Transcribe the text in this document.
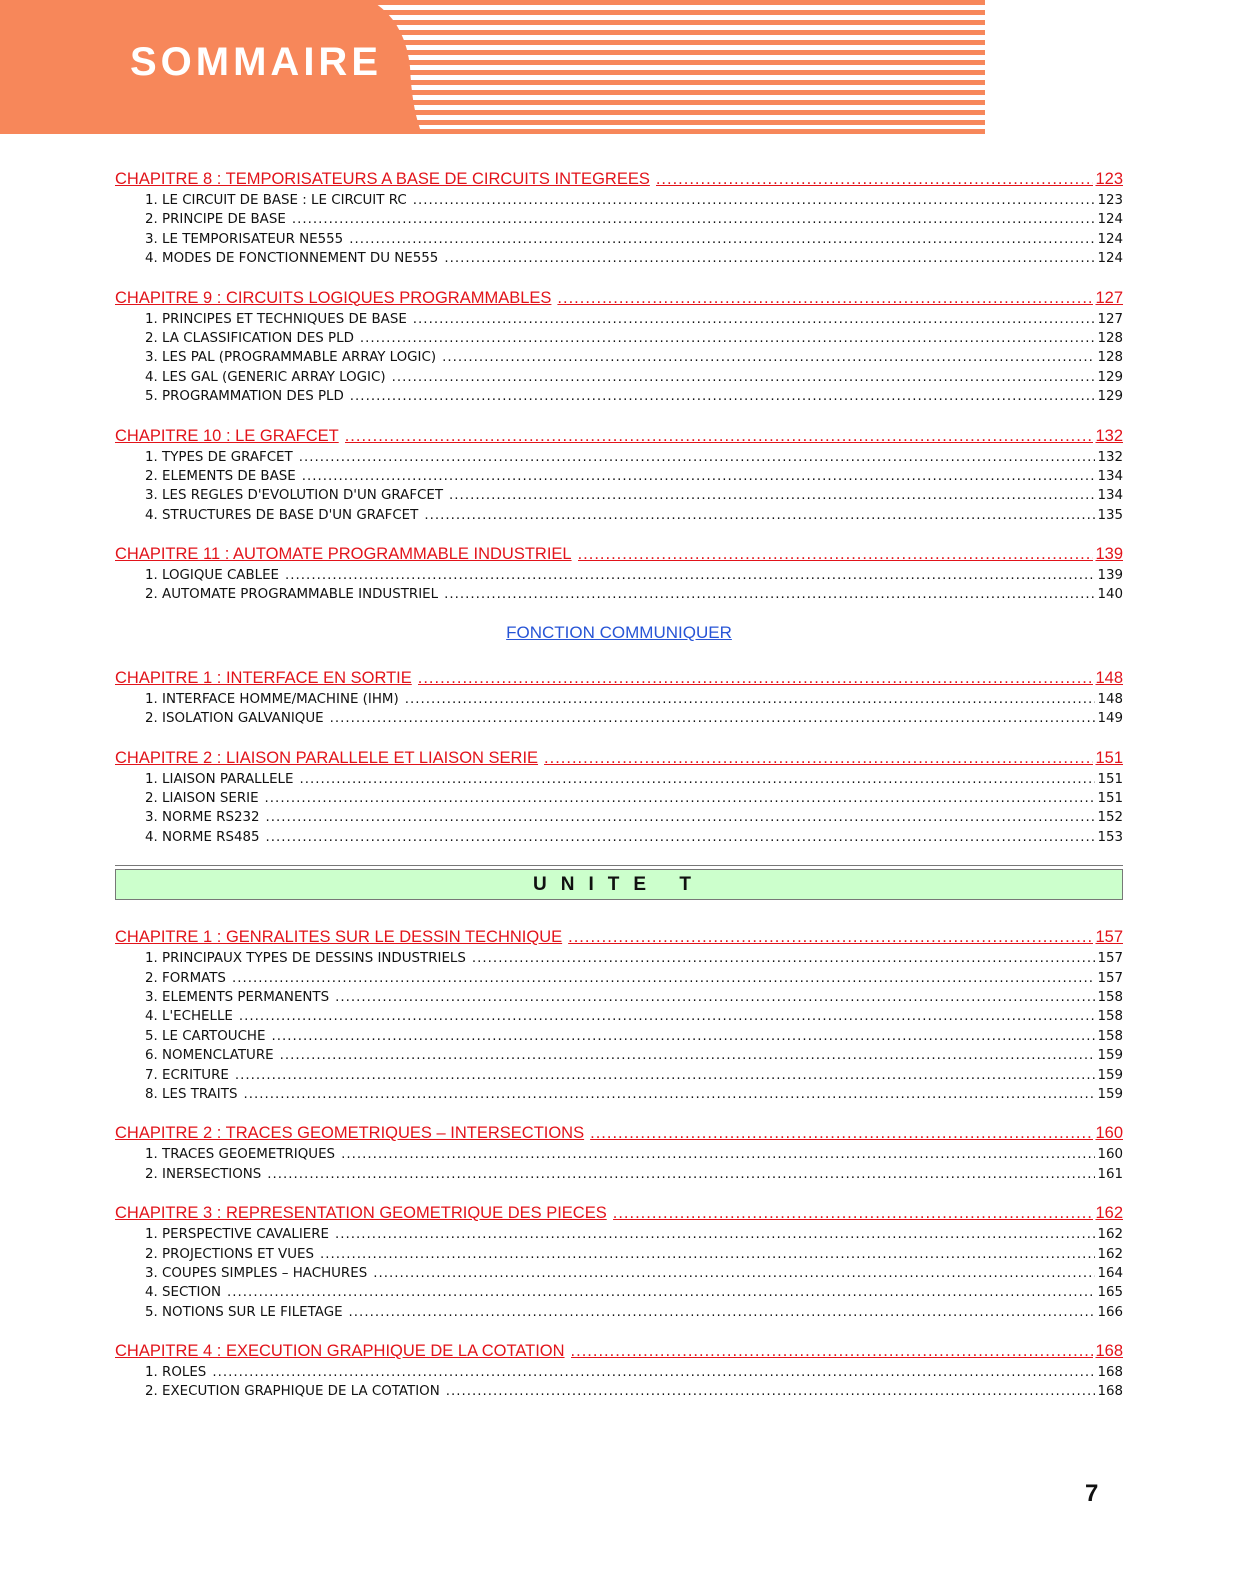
SOMMAIRE
CHAPITRE 8 : TEMPORISATEURS A BASE DE CIRCUITS INTEGREES .....	123
1. LE CIRCUIT DE BASE : LE CIRCUIT RC .....	123
2. PRINCIPE DE BASE .....	124
3. LE TEMPORISATEUR NE555 .....	124
4. MODES DE FONCTIONNEMENT DU NE555 .....	124
CHAPITRE 9 : CIRCUITS LOGIQUES PROGRAMMABLES .....	127
1. PRINCIPES ET TECHNIQUES DE BASE .....	127
2. LA CLASSIFICATION DES PLD .....	128
3. LES PAL (PROGRAMMABLE ARRAY LOGIC) .....	128
4. LES GAL (GENERIC ARRAY LOGIC) .....	129
5. PROGRAMMATION DES PLD .....	129
CHAPITRE 10 : LE GRAFCET .....	132
1. TYPES DE GRAFCET .....	132
2. ELEMENTS DE BASE .....	134
3. LES REGLES D'EVOLUTION D'UN GRAFCET .....	134
4. STRUCTURES DE BASE D'UN GRAFCET .....	135
CHAPITRE 11 : AUTOMATE PROGRAMMABLE INDUSTRIEL .....	139
1. LOGIQUE CABLEE .....	139
2. AUTOMATE PROGRAMMABLE INDUSTRIEL .....	140
FONCTION COMMUNIQUER
CHAPITRE 1 : INTERFACE EN SORTIE .....	148
1. INTERFACE HOMME/MACHINE (IHM) .....	148
2. ISOLATION GALVANIQUE .....	149
CHAPITRE 2 : LIAISON PARALLELE ET LIAISON SERIE .....	151
1. LIAISON PARALLELE .....	151
2. LIAISON SERIE .....	151
3. NORME RS232 .....	152
4. NORME RS485 .....	153
UNITE T
CHAPITRE 1 : GENRALITES SUR LE DESSIN TECHNIQUE .....	157
1. PRINCIPAUX TYPES DE DESSINS INDUSTRIELS .....	157
2. FORMATS .....	157
3. ELEMENTS PERMANENTS .....	158
4. L'ECHELLE .....	158
5. LE CARTOUCHE .....	158
6. NOMENCLATURE .....	159
7. ECRITURE .....	159
8. LES TRAITS .....	159
CHAPITRE 2 : TRACES GEOMETRIQUES – INTERSECTIONS .....	160
1. TRACES GEOEMETRIQUES .....	160
2. INERSECTIONS .....	161
CHAPITRE 3 : REPRESENTATION GEOMETRIQUE DES PIECES .....	162
1. PERSPECTIVE CAVALIERE .....	162
2. PROJECTIONS ET VUES .....	162
3. COUPES SIMPLES – HACHURES .....	164
4. SECTION .....	165
5. NOTIONS SUR LE FILETAGE .....	166
CHAPITRE 4 : EXECUTION GRAPHIQUE DE LA COTATION .....	168
1. ROLES .....	168
2. EXECUTION GRAPHIQUE DE LA COTATION .....	168
7
